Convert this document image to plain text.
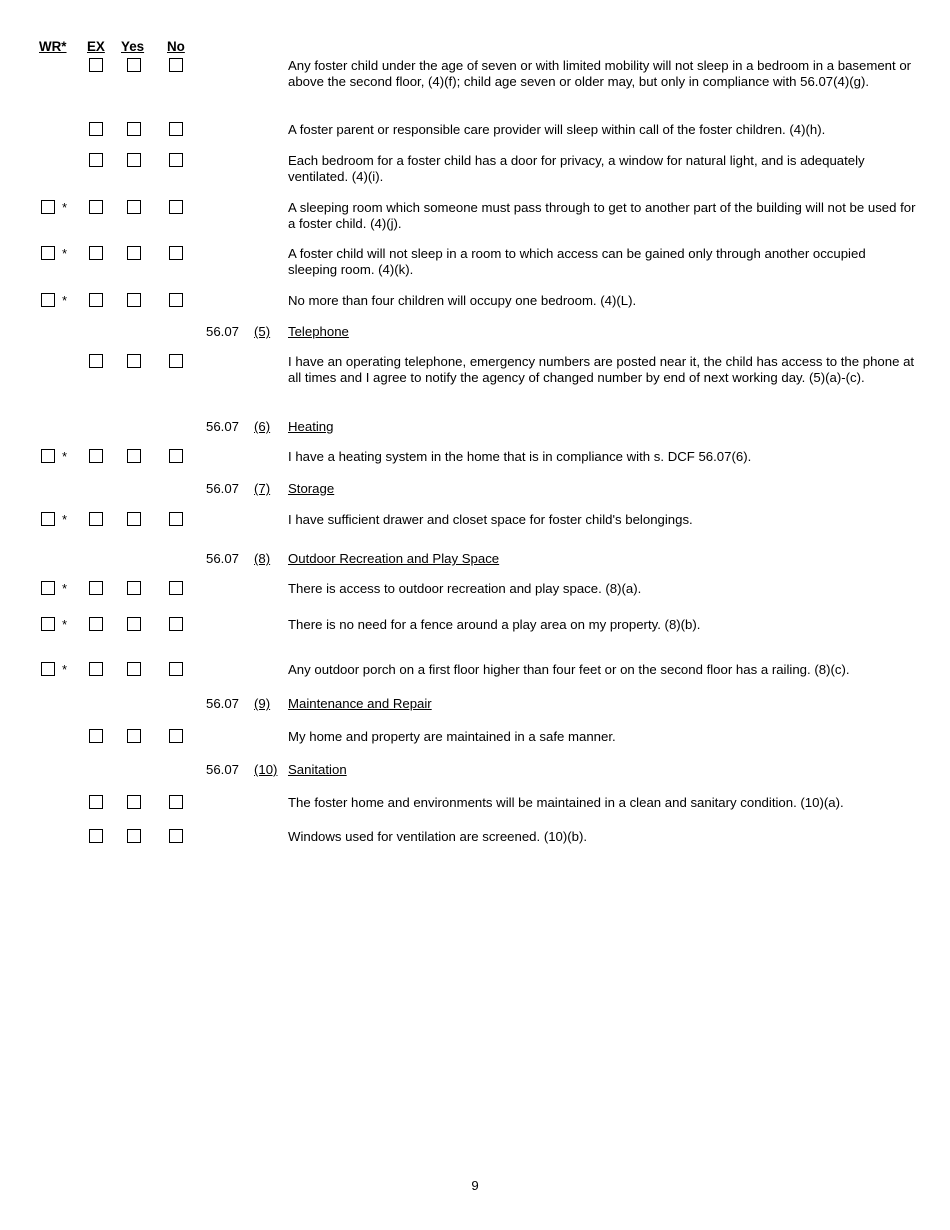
WR* EX Yes No
Any foster child under the age of seven or with limited mobility will not sleep in a bedroom in a basement or above the second floor, (4)(f); child age seven or older may, but only in compliance with 56.07(4)(g).
A foster parent or responsible care provider will sleep within call of the foster children. (4)(h).
Each bedroom for a foster child has a door for privacy, a window for natural light, and is adequately ventilated. (4)(i).
*	A sleeping room which someone must pass through to get to another part of the building will not be used for a foster child. (4)(j).
*	A foster child will not sleep in a room to which access can be gained only through another occupied sleeping room. (4)(k).
*	No more than four children will occupy one bedroom. (4)(L).
56.07 (5) Telephone
I have an operating telephone, emergency numbers are posted near it, the child has access to the phone at all times and I agree to notify the agency of changed number by end of next working day. (5)(a)-(c).
56.07 (6) Heating
*	I have a heating system in the home that is in compliance with s. DCF 56.07(6).
56.07 (7) Storage
*	I have sufficient drawer and closet space for foster child's belongings.
56.07 (8) Outdoor Recreation and Play Space
*	There is access to outdoor recreation and play space. (8)(a).
*	There is no need for a fence around a play area on my property. (8)(b).
*	Any outdoor porch on a first floor higher than four feet or on the second floor has a railing. (8)(c).
56.07 (9) Maintenance and Repair
My home and property are maintained in a safe manner.
56.07 (10) Sanitation
The foster home and environments will be maintained in a clean and sanitary condition. (10)(a).
Windows used for ventilation are screened. (10)(b).
9
